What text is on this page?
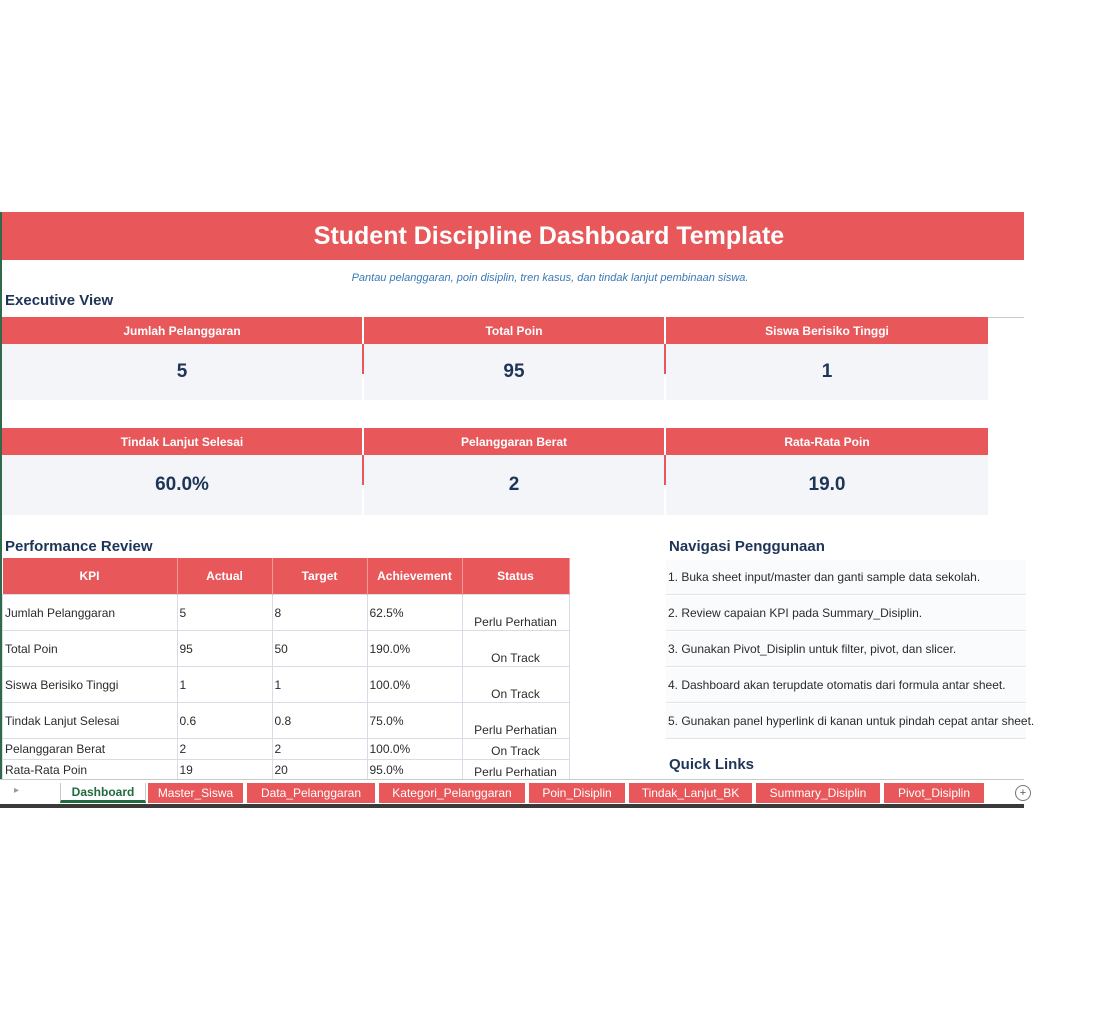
Student Discipline Dashboard Template
Pantau pelanggaran, poin disiplin, tren kasus, dan tindak lanjut pembinaan siswa.
Executive View
Jumlah Pelanggaran
5
Total Poin
95
Siswa Berisiko Tinggi
1
Tindak Lanjut Selesai
60.0%
Pelanggaran Berat
2
Rata-Rata Poin
19.0
Performance Review
KPI	Actual	Target	Achievement	Status
Jumlah Pelanggaran	5	8	62.5%	Perlu Perhatian
Total Poin	95	50	190.0%	On Track
Siswa Berisiko Tinggi	1	1	100.0%	On Track
Tindak Lanjut Selesai	0.6	0.8	75.0%	Perlu Perhatian
Pelanggaran Berat	2	2	100.0%	On Track
Rata-Rata Poin	19	20	95.0%	Perlu Perhatian
Navigasi Penggunaan
1. Buka sheet input/master dan ganti sample data sekolah.
2. Review capaian KPI pada Summary_Disiplin.
3. Gunakan Pivot_Disiplin untuk filter, pivot, dan slicer.
4. Dashboard akan terupdate otomatis dari formula antar sheet.
5. Gunakan panel hyperlink di kanan untuk pindah cepat antar sheet.
Quick Links
▸	Dashboard	Master_Siswa	Data_Pelanggaran	Kategori_Pelanggaran	Poin_Disiplin	Tindak_Lanjut_BK	Summary_Disiplin	Pivot_Disiplin	+
